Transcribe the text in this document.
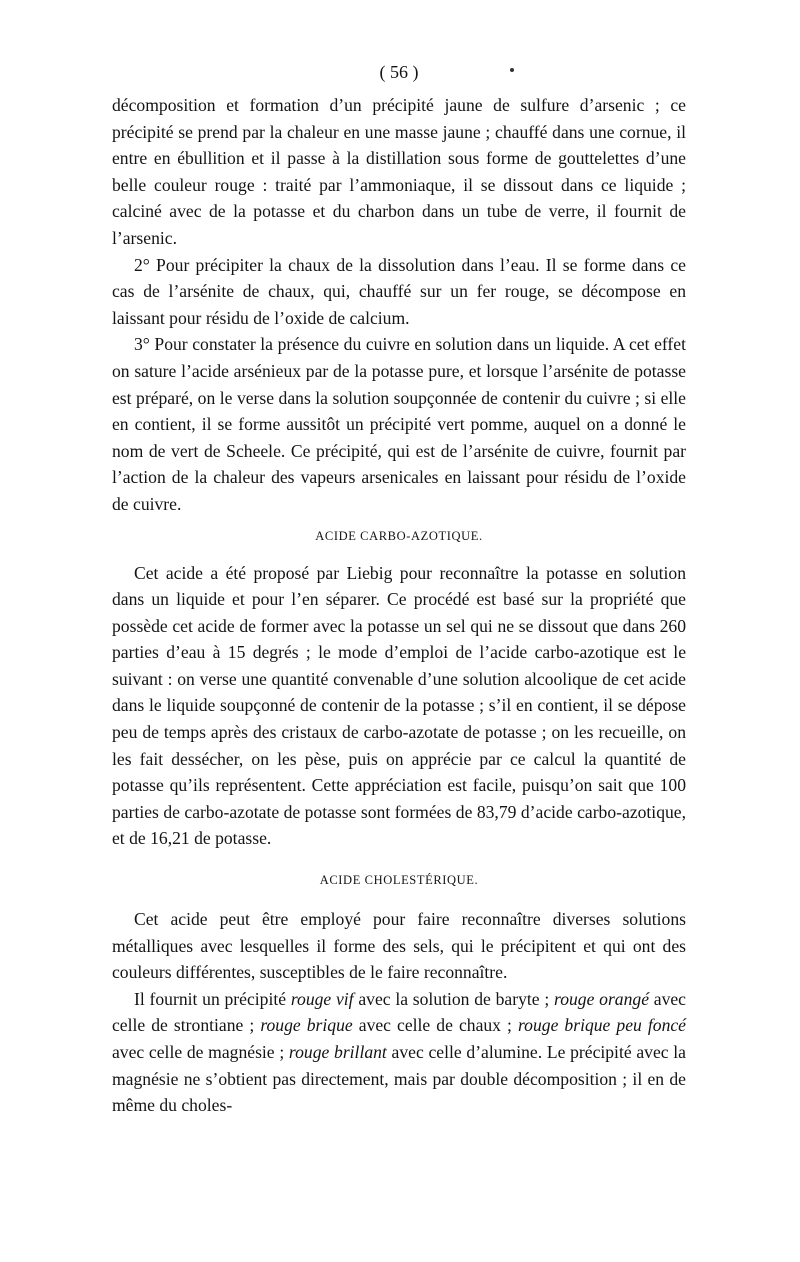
( 56 )

décomposition et formation d’un précipité jaune de sulfure d’arsenic ; ce précipité se prend par la chaleur en une masse jaune ; chauffé dans une cornue, il entre en ébullition et il passe à la distillation sous forme de gouttelettes d’une belle couleur rouge : traité par l’ammoniaque, il se dissout dans ce liquide ; calciné avec de la potasse et du charbon dans un tube de verre, il fournit de l’arsenic.

2° Pour précipiter la chaux de la dissolution dans l’eau. Il se forme dans ce cas de l’arsénite de chaux, qui, chauffé sur un fer rouge, se décompose en laissant pour résidu de l’oxide de calcium.

3° Pour constater la présence du cuivre en solution dans un liquide. A cet effet on sature l’acide arsénieux par de la potasse pure, et lorsque l’arsénite de potasse est préparé, on le verse dans la solution soupçonnée de contenir du cuivre ; si elle en contient, il se forme aussitôt un précipité vert pomme, auquel on a donné le nom de vert de Scheele. Ce précipité, qui est de l’arsénite de cuivre, fournit par l’action de la chaleur des vapeurs arsenicales en laissant pour résidu de l’oxide de cuivre.

ACIDE CARBO-AZOTIQUE.

Cet acide a été proposé par Liebig pour reconnaître la potasse en solution dans un liquide et pour l’en séparer. Ce procédé est basé sur la propriété que possède cet acide de former avec la potasse un sel qui ne se dissout que dans 260 parties d’eau à 15 degrés ; le mode d’emploi de l’acide carbo-azotique est le suivant : on verse une quantité convenable d’une solution alcoolique de cet acide dans le liquide soupçonné de contenir de la potasse ; s’il en contient, il se dépose peu de temps après des cristaux de carbo-azotate de potasse ; on les recueille, on les fait dessécher, on les pèse, puis on apprécie par ce calcul la quantité de potasse qu’ils représentent. Cette appréciation est facile, puisqu’on sait que 100 parties de carbo-azotate de potasse sont formées de 83,79 d’acide carbo-azotique, et de 16,21 de potasse.

ACIDE CHOLESTÉRIQUE.

Cet acide peut être employé pour faire reconnaître diverses solutions métalliques avec lesquelles il forme des sels, qui le précipitent et qui ont des couleurs différentes, susceptibles de le faire reconnaître.

Il fournit un précipité rouge vif avec la solution de baryte ; rouge orangé avec celle de strontiane ; rouge brique avec celle de chaux ; rouge brique peu foncé avec celle de magnésie ; rouge brillant avec celle d’alumine. Le précipité avec la magnésie ne s’obtient pas directement, mais par double décomposition ; il en de même du choles-
